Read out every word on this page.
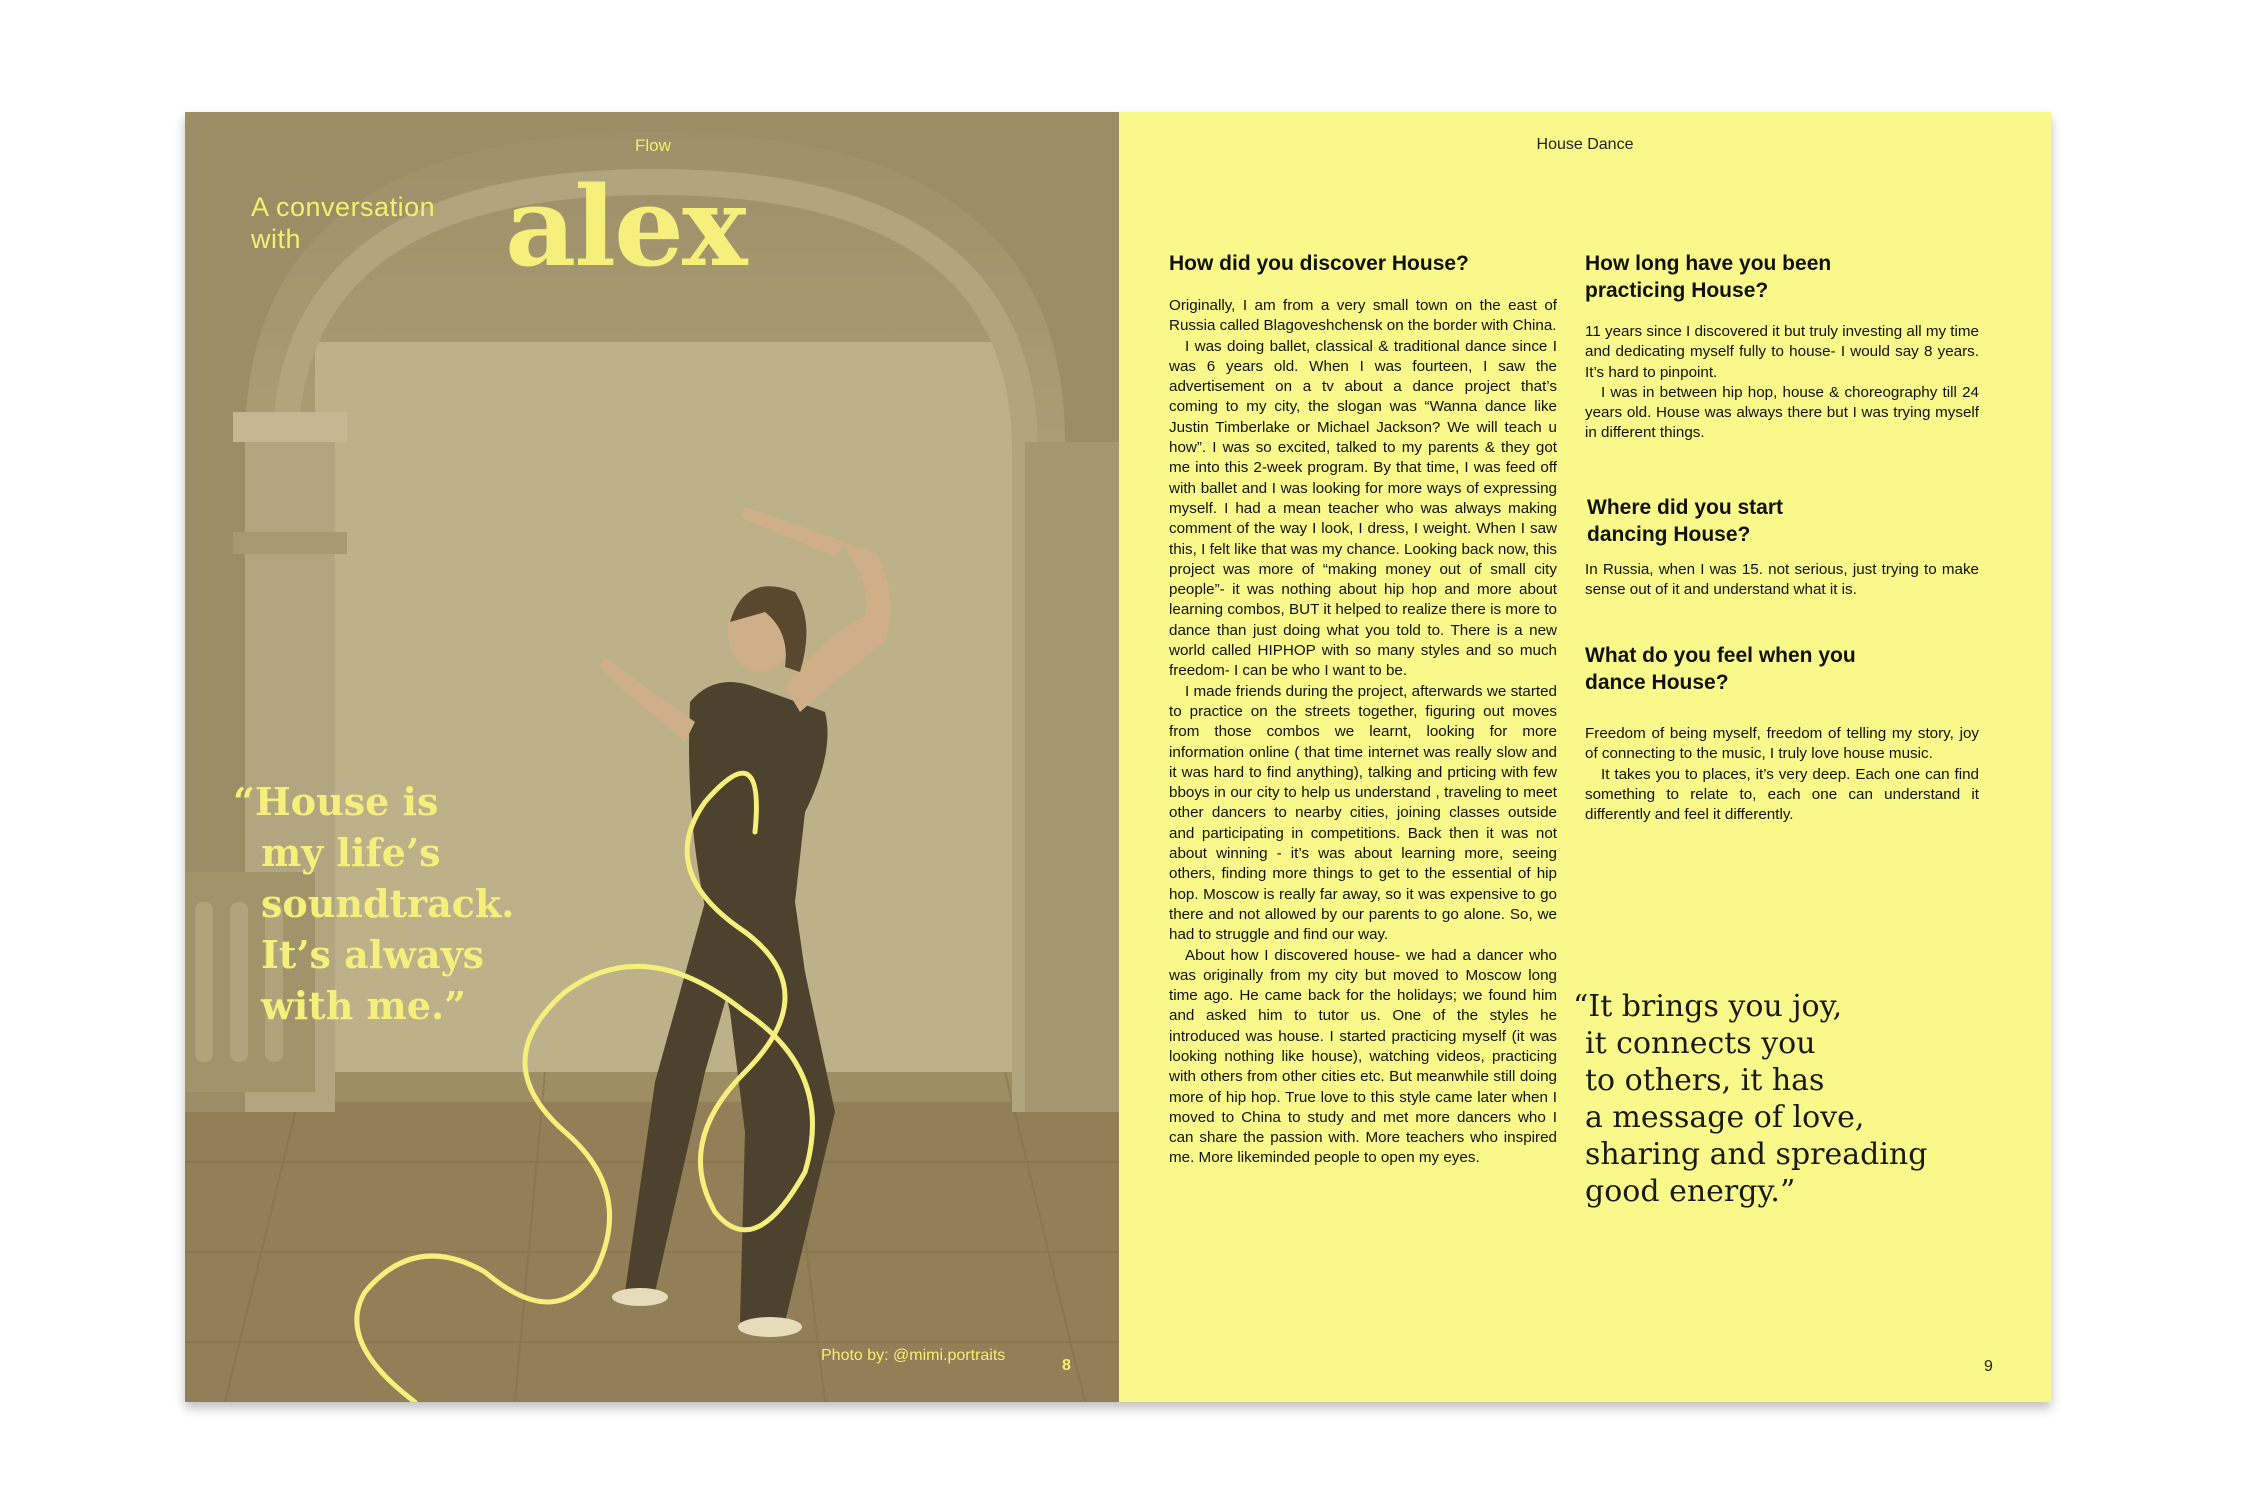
Flow
A conversation
with alex
“House is
my life’s
soundtrack.
It’s always
with me.”
Photo by: @mimi.portraits
8
House Dance
How did you discover House?

Originally, I am from a very small town on the east of Russia called Blagoveshchensk on the border with China.

I was doing ballet, classical & traditional dance since I was 6 years old. When I was fourteen, I saw the advertisement on a tv about a dance project that’s coming to my city, the slogan was “Wanna dance like Justin Timberlake or Michael Jackson? We will teach u how”. I was so excited, talked to my parents & they got me into this 2-week program. By that time, I was feed off with ballet and I was looking for more ways of expressing myself. I had a mean teacher who was always making comment of the way I look, I dress, I weight. When I saw this, I felt like that was my chance. Looking back now, this project was more of “making money out of small city people”- it was nothing about hip hop and more about learning combos, BUT it helped to realize there is more to dance than just doing what you told to. There is a new world called HIPHOP with so many styles and so much freedom- I can be who I want to be.

I made friends during the project, afterwards we started to practice on the streets together, figuring out moves from those combos we learnt, looking for more information online ( that time internet was really slow and it was hard to find anything), talking and prticing with few bboys in our city to help us understand , traveling to meet other dancers to nearby cities, joining classes outside and participating in competitions. Back then it was not about winning - it’s was about learning more, seeing others, finding more things to get to the essential of hip hop. Moscow is really far away, so it was expensive to go there and not allowed by our parents to go alone. So, we had to struggle and find our way.

About how I discovered house- we had a dancer who was originally from my city but moved to Moscow long time ago. He came back for the holidays; we found him and asked him to tutor us. One of the styles he introduced was house. I started practicing myself (it was looking nothing like house), watching videos, practicing with others from other cities etc. But meanwhile still doing more of hip hop. True love to this style came later when I moved to China to study and met more dancers who I can share the passion with. More teachers who inspired me. More likeminded people to open my eyes.

How long have you been
practicing House?

11 years since I discovered it but truly investing all my time and dedicating myself fully to house- I would say 8 years. It’s hard to pinpoint.

I was in between hip hop, house & choreography till 24 years old. House was always there but I was trying myself in different things.

Where did you start
dancing House?

In Russia, when I was 15. not serious, just trying to make sense out of it and understand what it is.

What do you feel when you
dance House?

Freedom of being myself, freedom of telling my story, joy of connecting to the music, I truly love house music.

It takes you to places, it’s very deep. Each one can find something to relate to, each one can understand it differently and feel it differently.

“It brings you joy,
it connects you
to others, it has
a message of love,
sharing and spreading
good energy.”
9
